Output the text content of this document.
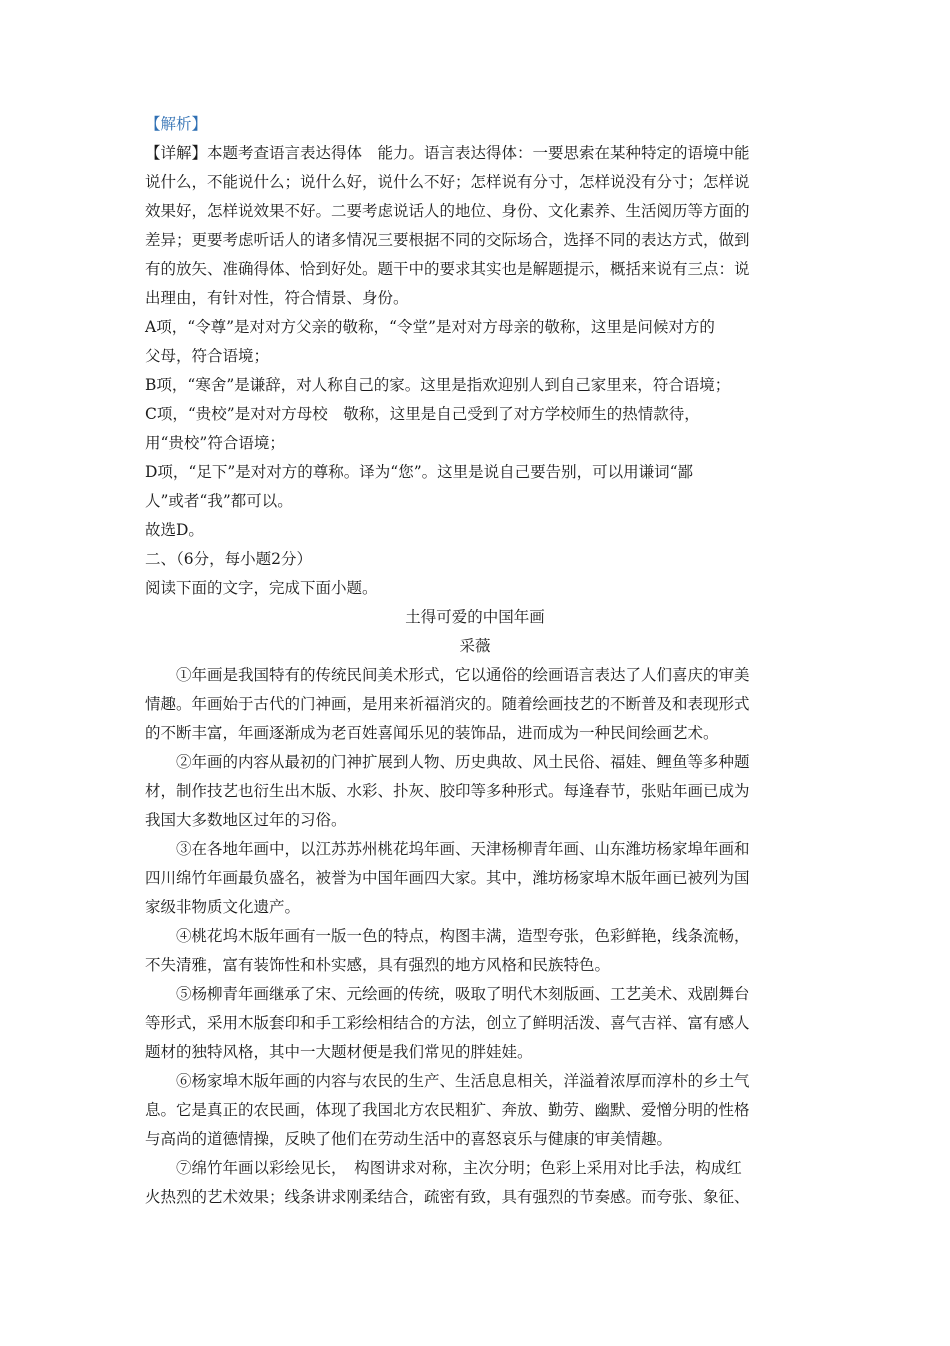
【解析】
【详解】本题考查语言表达得体　能力。语言表达得体：一要思索在某种特定的语境中能
说什么，不能说什么；说什么好，说什么不好；怎样说有分寸，怎样说没有分寸；怎样说
效果好，怎样说效果不好。二要考虑说话人的地位、身份、文化素养、生活阅历等方面的
差异；更要考虑听话人的诸多情况三要根据不同的交际场合，选择不同的表达方式，做到
有的放矢、准确得体、恰到好处。题干中的要求其实也是解题提示，概括来说有三点：说
出理由，有针对性，符合情景、身份。
A项，“令尊”是对对方父亲的敬称，“令堂”是对对方母亲的敬称，这里是问候对方的
父母，符合语境；
B项，“寒舍”是谦辞，对人称自己的家。这里是指欢迎别人到自己家里来，符合语境；
C项，“贵校”是对对方母校　敬称，这里是自己受到了对方学校师生的热情款待，
用“贵校”符合语境；
D项，“足下”是对对方的尊称。译为“您”。这里是说自己要告别，可以用谦词“鄙
人”或者“我”都可以。
故选D。
二、（6分，每小题2分）
阅读下面的文字，完成下面小题。
土得可爱的中国年画
采薇
①年画是我国特有的传统民间美术形式，它以通俗的绘画语言表达了人们喜庆的审美
情趣。年画始于古代的门神画，是用来祈福消灾的。随着绘画技艺的不断普及和表现形式
的不断丰富，年画逐渐成为老百姓喜闻乐见的装饰品，进而成为一种民间绘画艺术。
②年画的内容从最初的门神扩展到人物、历史典故、风土民俗、福娃、鲤鱼等多种题
材，制作技艺也衍生出木版、水彩、扑灰、胶印等多种形式。每逢春节，张贴年画已成为
我国大多数地区过年的习俗。
③在各地年画中，以江苏苏州桃花坞年画、天津杨柳青年画、山东潍坊杨家埠年画和
四川绵竹年画最负盛名，被誉为中国年画四大家。其中，潍坊杨家埠木版年画已被列为国
家级非物质文化遗产。
④桃花坞木版年画有一版一色的特点，构图丰满，造型夸张，色彩鲜艳，线条流畅，
不失清雅，富有装饰性和朴实感，具有强烈的地方风格和民族特色。
⑤杨柳青年画继承了宋、元绘画的传统，吸取了明代木刻版画、工艺美术、戏剧舞台
等形式，采用木版套印和手工彩绘相结合的方法，创立了鲜明活泼、喜气吉祥、富有感人
题材的独特风格，其中一大题材便是我们常见的胖娃娃。
⑥杨家埠木版年画的内容与农民的生产、生活息息相关，洋溢着浓厚而淳朴的乡土气
息。它是真正的农民画，体现了我国北方农民粗犷、奔放、勤劳、幽默、爱憎分明的性格
与高尚的道德情操，反映了他们在劳动生活中的喜怒哀乐与健康的审美情趣。
⑦绵竹年画以彩绘见长，　构图讲求对称，主次分明；色彩上采用对比手法，构成红
火热烈的艺术效果；线条讲求刚柔结合，疏密有致，具有强烈的节奏感。而夸张、象征、
